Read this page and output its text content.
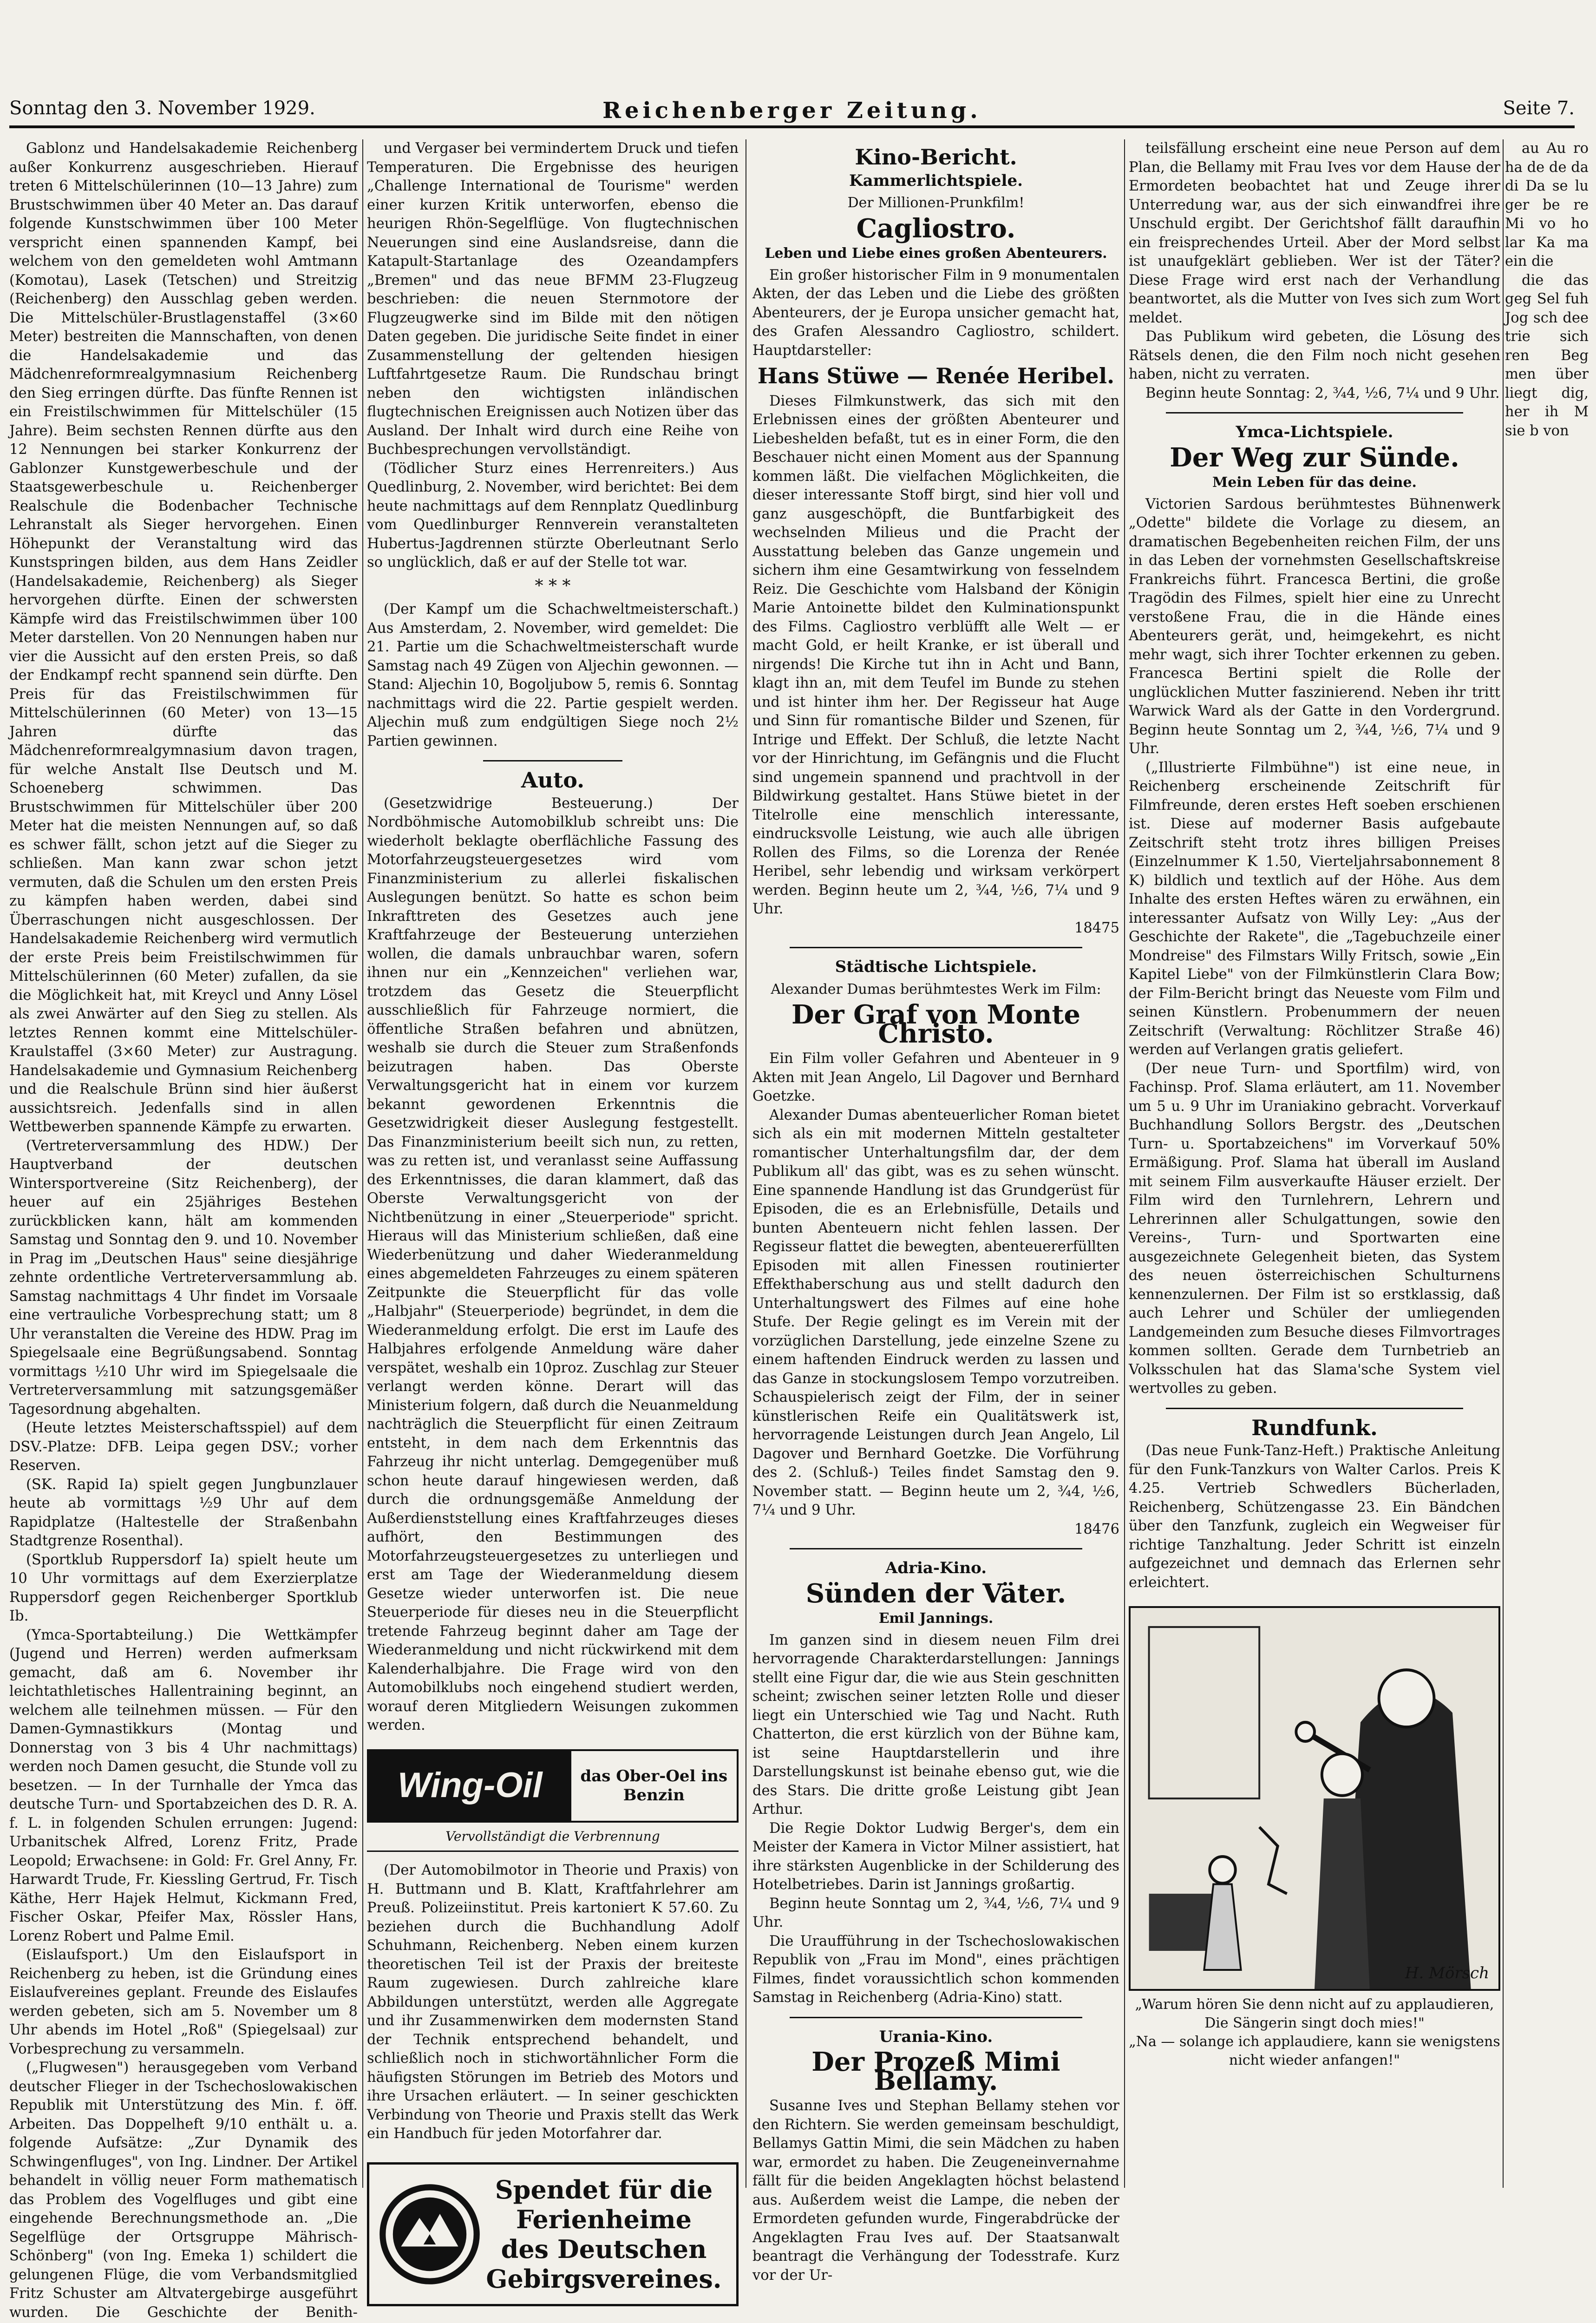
Sonntag den 3. November 1929.	Reichenberger Zeitung.	Seite 7.

Gablonz und Handelsakademie Reichenberg außer Konkurrenz ausgeschrieben. Hierauf treten 6 Mittelschülerinnen (10—13 Jahre) zum Brustschwimmen über 40 Meter an. Das darauf folgende Kunstschwimmen über 100 Meter verspricht einen spannenden Kampf, bei welchem von den gemeldeten wohl Amtmann (Komotau), Lasek (Tetschen) und Streitzig (Reichenberg) den Ausschlag geben werden. Die Mittelschüler-Brustlagenstaffel (3×60 Meter) bestreiten die Mannschaften, von denen die Handelsakademie und das Mädchenreformrealgymnasium Reichenberg den Sieg erringen dürfte. Das fünfte Rennen ist ein Freistilschwimmen für Mittelschüler (15 Jahre). Beim sechsten Rennen dürfte aus den 12 Nennungen bei starker Konkurrenz der Gablonzer Kunstgewerbeschule und der Staatsgewerbeschule u. Reichenberger Realschule die Bodenbacher Technische Lehranstalt als Sieger hervorgehen. Einen Höhepunkt der Veranstaltung wird das Kunstspringen bilden, aus dem Hans Zeidler (Handelsakademie, Reichenberg) als Sieger hervorgehen dürfte. Einen der schwersten Kämpfe wird das Freistilschwimmen über 100 Meter darstellen. Von 20 Nennungen haben nur vier die Aussicht auf den ersten Preis, so daß der Endkampf recht spannend sein dürfte. Den Preis für das Freistilschwimmen für Mittelschülerinnen (60 Meter) von 13—15 Jahren dürfte das Mädchenreformrealgymnasium davon tragen, für welche Anstalt Ilse Deutsch und M. Schoeneberg schwimmen. Das Brustschwimmen für Mittelschüler über 200 Meter hat die meisten Nennungen auf, so daß es schwer fällt, schon jetzt auf die Sieger zu schließen. Man kann zwar schon jetzt vermuten, daß die Schulen um den ersten Preis zu kämpfen haben werden, dabei sind Überraschungen nicht ausgeschlossen. Der Handelsakademie Reichenberg wird vermutlich der erste Preis beim Freistilschwimmen für Mittelschülerinnen (60 Meter) zufallen, da sie die Möglichkeit hat, mit Kreycl und Anny Lösel als zwei Anwärter auf den Sieg zu stellen. Als letztes Rennen kommt eine Mittelschüler-Kraulstaffel (3×60 Meter) zur Austragung. Handelsakademie und Gymnasium Reichenberg und die Realschule Brünn sind hier äußerst aussichtsreich. Jedenfalls sind in allen Wettbewerben spannende Kämpfe zu erwarten.

(Vertreterversammlung des HDW.) Der Hauptverband der deutschen Wintersportvereine (Sitz Reichenberg), der heuer auf ein 25jähriges Bestehen zurückblicken kann, hält am kommenden Samstag und Sonntag den 9. und 10. November in Prag im „Deutschen Haus" seine diesjährige zehnte ordentliche Vertreterversammlung ab. Samstag nachmittags 4 Uhr findet im Vorsaale eine vertrauliche Vorbesprechung statt; um 8 Uhr veranstalten die Vereine des HDW. Prag im Spiegelsaale eine Begrüßungsabend. Sonntag vormittags ½10 Uhr wird im Spiegelsaale die Vertreterversammlung mit satzungsgemäßer Tagesordnung abgehalten.

(Heute letztes Meisterschaftsspiel) auf dem DSV.-Platze: DFB. Leipa gegen DSV.; vorher Reserven.

(SK. Rapid Ia) spielt gegen Jungbunzlauer heute ab vormittags ½9 Uhr auf dem Rapidplatze (Haltestelle der Straßenbahn Stadtgrenze Rosenthal).

(Sportklub Ruppersdorf Ia) spielt heute um 10 Uhr vormittags auf dem Exerzierplatze Ruppersdorf gegen Reichenberger Sportklub Ib.

(Ymca-Sportabteilung.) Die Wettkämpfer (Jugend und Herren) werden aufmerksam gemacht, daß am 6. November ihr leichtathletisches Hallentraining beginnt, an welchem alle teilnehmen müssen. — Für den Damen-Gymnastikkurs (Montag und Donnerstag von 3 bis 4 Uhr nachmittags) werden noch Damen gesucht, die Stunde voll zu besetzen. — In der Turnhalle der Ymca das deutsche Turn- und Sportabzeichen des D. R. A. f. L. in folgenden Schulen errungen: Jugend: Urbanitschek Alfred, Lorenz Fritz, Prade Leopold; Erwachsene: in Gold: Fr. Grel Anny, Fr. Harwardt Trude, Fr. Kiessling Gertrud, Fr. Tisch Käthe, Herr Hajek Helmut, Kickmann Fred, Fischer Oskar, Pfeifer Max, Rössler Hans, Lorenz Robert und Palme Emil.

(Eislaufsport.) Um den Eislaufsport in Reichenberg zu heben, ist die Gründung eines Eislaufvereines geplant. Freunde des Eislaufes werden gebeten, sich am 5. November um 8 Uhr abends im Hotel „Roß" (Spiegelsaal) zur Vorbesprechung zu versammeln.

(„Flugwesen") herausgegeben vom Verband deutscher Flieger in der Tschechoslowakischen Republik mit Unterstützung des Min. f. öff. Arbeiten. Das Doppelheft 9/10 enthält u. a. folgende Aufsätze: „Zur Dynamik des Schwingenfluges", von Ing. Lindner. Der Artikel behandelt in völlig neuer Form mathematisch das Problem des Vogelfluges und gibt eine eingehende Berechnungsmethode an. „Die Segelflüge der Ortsgruppe Mährisch-Schönberg" (von Ing. Emeka 1) schildert die gelungenen Flüge, die vom Verbandsmitglied Fritz Schuster am Altvatergebirge ausgeführt wurden. Die Geschichte der Benith-

und Vergaser bei vermindertem Druck und tiefen Temperaturen. Die Ergebnisse des heurigen „Challenge International de Tourisme" werden einer kurzen Kritik unterworfen, ebenso die heurigen Rhön-Segelflüge. Von flugtechnischen Neuerungen sind eine Auslandsreise, dann die Katapult-Startanlage des Ozeandampfers „Bremen" und das neue BFMM 23-Flugzeug beschrieben: die neuen Sternmotore der Flugzeugwerke sind im Bilde mit den nötigen Daten gegeben. Die juridische Seite findet in einer Zusammenstellung der geltenden hiesigen Luftfahrtgesetze Raum. Die Rundschau bringt neben den wichtigsten inländischen flugtechnischen Ereignissen auch Notizen über das Ausland. Der Inhalt wird durch eine Reihe von Buchbesprechungen vervollständigt.

(Tödlicher Sturz eines Herrenreiters.) Aus Quedlinburg, 2. November, wird berichtet: Bei dem heute nachmittags auf dem Rennplatz Quedlinburg vom Quedlinburger Rennverein veranstalteten Hubertus-Jagdrennen stürzte Oberleutnant Serlo so unglücklich, daß er auf der Stelle tot war.

* * *

(Der Kampf um die Schachweltmeisterschaft.) Aus Amsterdam, 2. November, wird gemeldet: Die 21. Partie um die Schachweltmeisterschaft wurde Samstag nach 49 Zügen von Aljechin gewonnen. — Stand: Aljechin 10, Bogoljubow 5, remis 6. Sonntag nachmittags wird die 22. Partie gespielt werden. Aljechin muß zum endgültigen Siege noch 2½ Partien gewinnen.

Auto.

(Gesetzwidrige Besteuerung.) Der Nordböhmische Automobilklub schreibt uns: Die wiederholt beklagte oberflächliche Fassung des Motorfahrzeugsteuergesetzes wird vom Finanzministerium zu allerlei fiskalischen Auslegungen benützt. So hatte es schon beim Inkrafttreten des Gesetzes auch jene Kraftfahrzeuge der Besteuerung unterziehen wollen, die damals unbrauchbar waren, sofern ihnen nur ein „Kennzeichen" verliehen war, trotzdem das Gesetz die Steuerpflicht ausschließlich für Fahrzeuge normiert, die öffentliche Straßen befahren und abnützen, weshalb sie durch die Steuer zum Straßenfonds beizutragen haben. Das Oberste Verwaltungsgericht hat in einem vor kurzem bekannt gewordenen Erkenntnis die Gesetzwidrigkeit dieser Auslegung festgestellt. Das Finanzministerium beeilt sich nun, zu retten, was zu retten ist, und veranlasst seine Auffassung des Erkenntnisses, die daran klammert, daß das Oberste Verwaltungsgericht von der Nichtbenützung in einer „Steuerperiode" spricht. Hieraus will das Ministerium schließen, daß eine Wiederbenützung und daher Wiederanmeldung eines abgemeldeten Fahrzeuges zu einem späteren Zeitpunkte die Steuerpflicht für das volle „Halbjahr" (Steuerperiode) begründet, in dem die Wiederanmeldung erfolgt. Die erst im Laufe des Halbjahres erfolgende Anmeldung wäre daher verspätet, weshalb ein 10proz. Zuschlag zur Steuer verlangt werden könne. Derart will das Ministerium folgern, daß durch die Neuanmeldung nachträglich die Steuerpflicht für einen Zeitraum entsteht, in dem nach dem Erkenntnis das Fahrzeug ihr nicht unterlag. Demgegenüber muß schon heute darauf hingewiesen werden, daß durch die ordnungsgemäße Anmeldung der Außerdienststellung eines Kraftfahrzeuges dieses aufhört, den Bestimmungen des Motorfahrzeugsteuergesetzes zu unterliegen und erst am Tage der Wiederanmeldung diesem Gesetze wieder unterworfen ist. Die neue Steuerperiode für dieses neu in die Steuerpflicht tretende Fahrzeug beginnt daher am Tage der Wiederanmeldung und nicht rückwirkend mit dem Kalenderhalbjahre. Die Frage wird von den Automobilklubs noch eingehend studiert werden, worauf deren Mitgliedern Weisungen zukommen werden.

Wing-Oil	das Ober-Oel ins Benzin
Vervollständigt die Verbrennung

(Der Automobilmotor in Theorie und Praxis) von H. Buttmann und B. Klatt, Kraftfahrlehrer am Preuß. Polizeiinstitut. Preis kartoniert K 57.60. Zu beziehen durch die Buchhandlung Adolf Schuhmann, Reichenberg. Neben einem kurzen theoretischen Teil ist der Praxis der breiteste Raum zugewiesen. Durch zahlreiche klare Abbildungen unterstützt, werden alle Aggregate und ihr Zusammenwirken dem modernsten Stand der Technik entsprechend behandelt, und schließlich noch in stichwortähnlicher Form die häufigsten Störungen im Betrieb des Motors und ihre Ursachen erläutert. — In seiner geschickten Verbindung von Theorie und Praxis stellt das Werk ein Handbuch für jeden Motorfahrer dar.

Spendet für die
Ferienheime
des Deutschen
Gebirgsvereines.
Kino-Bericht.
Kammerlichtspiele.
Der Millionen-Prunkfilm!
Cagliostro.
Leben und Liebe eines großen Abenteurers.

Ein großer historischer Film in 9 monumentalen Akten, der das Leben und die Liebe des größten Abenteurers, der je Europa unsicher gemacht hat, des Grafen Alessandro Cagliostro, schildert. Hauptdarsteller:

Hans Stüwe — Renée Heribel.

Dieses Filmkunstwerk, das sich mit den Erlebnissen eines der größten Abenteurer und Liebeshelden befaßt, tut es in einer Form, die den Beschauer nicht einen Moment aus der Spannung kommen läßt. Die vielfachen Möglichkeiten, die dieser interessante Stoff birgt, sind hier voll und ganz ausgeschöpft, die Buntfarbigkeit des wechselnden Milieus und die Pracht der Ausstattung beleben das Ganze ungemein und sichern ihm eine Gesamtwirkung von fesselndem Reiz. Die Geschichte vom Halsband der Königin Marie Antoinette bildet den Kulminationspunkt des Films. Cagliostro verblüfft alle Welt — er macht Gold, er heilt Kranke, er ist überall und nirgends! Die Kirche tut ihn in Acht und Bann, klagt ihn an, mit dem Teufel im Bunde zu stehen und ist hinter ihm her. Der Regisseur hat Auge und Sinn für romantische Bilder und Szenen, für Intrige und Effekt. Der Schluß, die letzte Nacht vor der Hinrichtung, im Gefängnis und die Flucht sind ungemein spannend und prachtvoll in der Bildwirkung gestaltet. Hans Stüwe bietet in der Titelrolle eine menschlich interessante, eindrucksvolle Leistung, wie auch alle übrigen Rollen des Films, so die Lorenza der Renée Heribel, sehr lebendig und wirksam verkörpert werden. Beginn heute um 2, ¾4, ½6, 7¼ und 9 Uhr.

18475
Städtische Lichtspiele.
Alexander Dumas berühmtestes Werk im Film:
Der Graf von Monte Christo.

Ein Film voller Gefahren und Abenteuer in 9 Akten mit Jean Angelo, Lil Dagover und Bernhard Goetzke.

Alexander Dumas abenteuerlicher Roman bietet sich als ein mit modernen Mitteln gestalteter romantischer Unterhaltungsfilm dar, der dem Publikum all' das gibt, was es zu sehen wünscht. Eine spannende Handlung ist das Grundgerüst für Episoden, die es an Erlebnisfülle, Details und bunten Abenteuern nicht fehlen lassen. Der Regisseur flattet die bewegten, abenteuererfüllten Episoden mit allen Finessen routinierter Effekthaberschung aus und stellt dadurch den Unterhaltungswert des Filmes auf eine hohe Stufe. Der Regie gelingt es im Verein mit der vorzüglichen Darstellung, jede einzelne Szene zu einem haftenden Eindruck werden zu lassen und das Ganze in stockungslosem Tempo vorzutreiben. Schauspielerisch zeigt der Film, der in seiner künstlerischen Reife ein Qualitätswerk ist, hervorragende Leistungen durch Jean Angelo, Lil Dagover und Bernhard Goetzke. Die Vorführung des 2. (Schluß-) Teiles findet Samstag den 9. November statt. — Beginn heute um 2, ¾4, ½6, 7¼ und 9 Uhr.

18476
Adria-Kino.
Sünden der Väter.
Emil Jannings.

Im ganzen sind in diesem neuen Film drei hervorragende Charakterdarstellungen: Jannings stellt eine Figur dar, die wie aus Stein geschnitten scheint; zwischen seiner letzten Rolle und dieser liegt ein Unterschied wie Tag und Nacht. Ruth Chatterton, die erst kürzlich von der Bühne kam, ist seine Hauptdarstellerin und ihre Darstellungskunst ist beinahe ebenso gut, wie die des Stars. Die dritte große Leistung gibt Jean Arthur.

Die Regie Doktor Ludwig Berger's, dem ein Meister der Kamera in Victor Milner assistiert, hat ihre stärksten Augenblicke in der Schilderung des Hotelbetriebes. Darin ist Jannings großartig.

Beginn heute Sonntag um 2, ¾4, ½6, 7¼ und 9 Uhr.

Die Uraufführung in der Tschechoslowakischen Republik von „Frau im Mond", eines prächtigen Filmes, findet voraussichtlich schon kommenden Samstag in Reichenberg (Adria-Kino) statt.

Urania-Kino.
Der Prozeß Mimi Bellamy.

Susanne Ives und Stephan Bellamy stehen vor den Richtern. Sie werden gemeinsam beschuldigt, Bellamys Gattin Mimi, die sein Mädchen zu haben war, ermordet zu haben. Die Zeugeneinvernahme fällt für die beiden Angeklagten höchst belastend aus. Außerdem weist die Lampe, die neben der Ermordeten gefunden wurde, Fingerabdrücke der Angeklagten Frau Ives auf. Der Staatsanwalt beantragt die Verhängung der Todesstrafe. Kurz vor der Ur-

teilsfällung erscheint eine neue Person auf dem Plan, die Bellamy mit Frau Ives vor dem Hause der Ermordeten beobachtet hat und Zeuge ihrer Unterredung war, aus der sich einwandfrei ihre Unschuld ergibt. Der Gerichtshof fällt daraufhin ein freisprechendes Urteil. Aber der Mord selbst ist unaufgeklärt geblieben. Wer ist der Täter? Diese Frage wird erst nach der Verhandlung beantwortet, als die Mutter von Ives sich zum Wort meldet.

Das Publikum wird gebeten, die Lösung des Rätsels denen, die den Film noch nicht gesehen haben, nicht zu verraten.

Beginn heute Sonntag: 2, ¾4, ½6, 7¼ und 9 Uhr.

Ymca-Lichtspiele.
Der Weg zur Sünde.
Mein Leben für das deine.

Victorien Sardous berühmtestes Bühnenwerk „Odette" bildete die Vorlage zu diesem, an dramatischen Begebenheiten reichen Film, der uns in das Leben der vornehmsten Gesellschaftskreise Frankreichs führt. Francesca Bertini, die große Tragödin des Filmes, spielt hier eine zu Unrecht verstoßene Frau, die in die Hände eines Abenteurers gerät, und, heimgekehrt, es nicht mehr wagt, sich ihrer Tochter erkennen zu geben. Francesca Bertini spielt die Rolle der unglücklichen Mutter faszinierend. Neben ihr tritt Warwick Ward als der Gatte in den Vordergrund. Beginn heute Sonntag um 2, ¾4, ½6, 7¼ und 9 Uhr.

(„Illustrierte Filmbühne") ist eine neue, in Reichenberg erscheinende Zeitschrift für Filmfreunde, deren erstes Heft soeben erschienen ist. Diese auf moderner Basis aufgebaute Zeitschrift steht trotz ihres billigen Preises (Einzelnummer K 1.50, Vierteljahrsabonnement 8 K) bildlich und textlich auf der Höhe. Aus dem Inhalte des ersten Heftes wären zu erwähnen, ein interessanter Aufsatz von Willy Ley: „Aus der Geschichte der Rakete", die „Tagebuchzeile einer Mondreise" des Filmstars Willy Fritsch, sowie „Ein Kapitel Liebe" von der Filmkünstlerin Clara Bow; der Film-Bericht bringt das Neueste vom Film und seinen Künstlern. Probenummern der neuen Zeitschrift (Verwaltung: Röchlitzer Straße 46) werden auf Verlangen gratis geliefert.

(Der neue Turn- und Sportfilm) wird, von Fachinsp. Prof. Slama erläutert, am 11. November um 5 u. 9 Uhr im Uraniakino gebracht. Vorverkauf Buchhandlung Sollors Bergstr. des „Deutschen Turn- u. Sportabzeichens" im Vorverkauf 50% Ermäßigung. Prof. Slama hat überall im Ausland mit seinem Film ausverkaufte Häuser erzielt. Der Film wird den Turnlehrern, Lehrern und Lehrerinnen aller Schulgattungen, sowie den Vereins-, Turn- und Sportwarten eine ausgezeichnete Gelegenheit bieten, das System des neuen österreichischen Schulturnens kennenzulernen. Der Film ist so erstklassig, daß auch Lehrer und Schüler der umliegenden Landgemeinden zum Besuche dieses Filmvortrages kommen sollten. Gerade dem Turnbetrieb an Volksschulen hat das Slama'sche System viel wertvolles zu geben.

Rundfunk.

(Das neue Funk-Tanz-Heft.) Praktische Anleitung für den Funk-Tanzkurs von Walter Carlos. Preis K 4.25. Vertrieb Schwedlers Bücherladen, Reichenberg, Schützengasse 23. Ein Bändchen über den Tanzfunk, zugleich ein Wegweiser für richtige Tanzhaltung. Jeder Schritt ist einzeln aufgezeichnet und demnach das Erlernen sehr erleichtert.

H. Mörsch
„Warum hören Sie denn nicht auf zu applaudieren, Die Sängerin singt doch mies!"
„Na — solange ich applaudiere, kann sie wenigstens nicht wieder anfangen!"

au Au ro ha de de da di Da se lu ger be re Mi vo ho lar Ka ma ein die

die das geg Sel fuh Jog sch dee trie sich ren Beg men über liegt dig, her ih M sie b von
